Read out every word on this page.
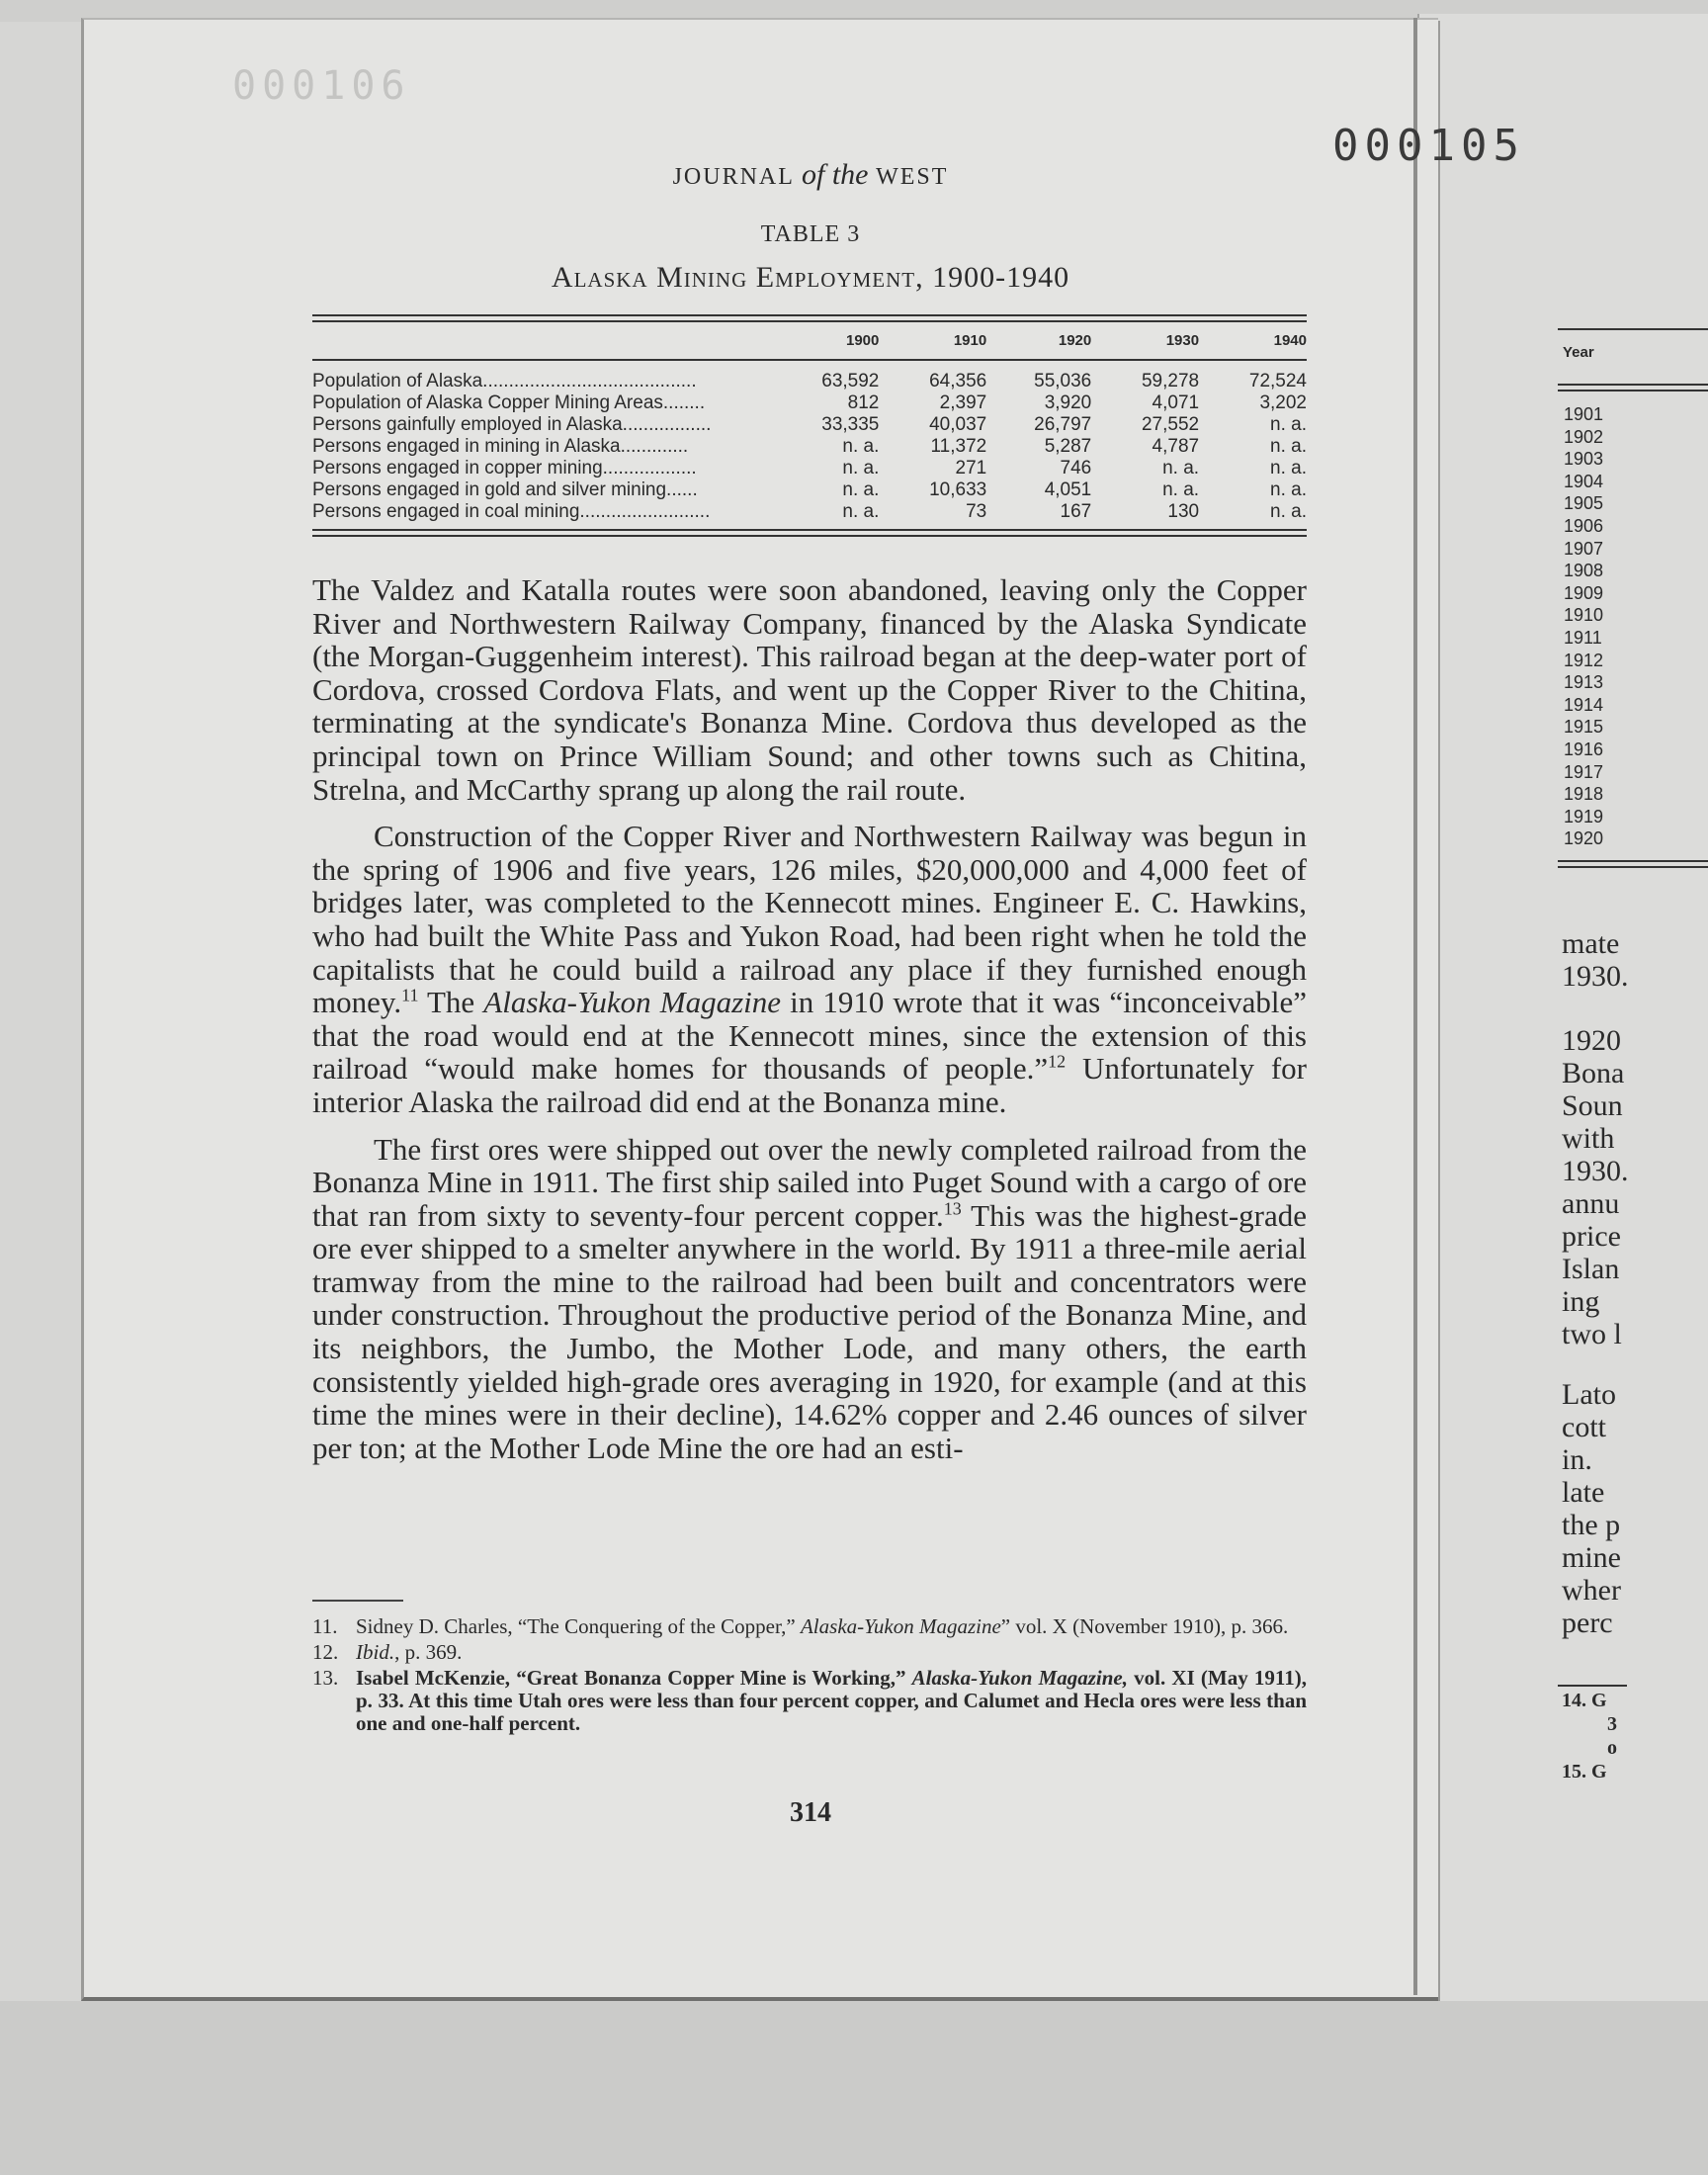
Year
1901
1902
1903
1904
1905
1906
1907
1908
1909
1910
1911
1912
1913
1914
1915
1916
1917
1918
1919
1920
mate
1930.
1920
Bona
Soun
with
1930.
annu
price
Islan
ing
two l
Lato
cott
in.
late
the p
mine
wher
perc
14. G
3
o
15. G
000106
000105
JOURNAL of the WEST
TABLE 3
Alaska Mining Employment, 1900-1940
	1900	1910	1920	1930	1940

Population of Alaska.........................................	63,592	64,356	55,036	59,278	72,524
Population of Alaska Copper Mining Areas........	812	2,397	3,920	4,071	3,202
Persons gainfully employed in Alaska.................	33,335	40,037	26,797	27,552	n. a.
Persons engaged in mining in Alaska.............	n. a.	11,372	5,287	4,787	n. a.
Persons engaged in copper mining..................	n. a.	271	746	n. a.	n. a.
Persons engaged in gold and silver mining......	n. a.	10,633	4,051	n. a.	n. a.
Persons engaged in coal mining.........................	n. a.	73	167	130	n. a.

The Valdez and Katalla routes were soon abandoned, leaving only the Copper River and Northwestern Railway Company, financed by the Alaska Syndicate (the Morgan-Guggenheim interest). This railroad began at the deep-water port of Cordova, crossed Cordova Flats, and went up the Copper River to the Chitina, terminating at the syndicate's Bonanza Mine. Cordova thus developed as the principal town on Prince William Sound; and other towns such as Chitina, Strelna, and McCarthy sprang up along the rail route.

Construction of the Copper River and Northwestern Railway was begun in the spring of 1906 and five years, 126 miles, $20,000,000 and 4,000 feet of bridges later, was completed to the Kennecott mines. Engineer E. C. Hawkins, who had built the White Pass and Yukon Road, had been right when he told the capitalists that he could build a railroad any place if they furnished enough money.$^{11}$ The Alaska-Yukon Magazine in 1910 wrote that it was “inconceivable” that the road would end at the Kennecott mines, since the extension of this railroad “would make homes for thousands of people.”$^{12}$ Unfortunately for interior Alaska the railroad did end at the Bonanza mine.

The first ores were shipped out over the newly completed railroad from the Bonanza Mine in 1911. The first ship sailed into Puget Sound with a cargo of ore that ran from sixty to seventy-four percent copper.$^{13}$ This was the highest-grade ore ever shipped to a smelter anywhere in the world. By 1911 a three-mile aerial tramway from the mine to the railroad had been built and concentrators were under construction. Throughout the productive period of the Bonanza Mine, and its neighbors, the Jumbo, the Mother Lode, and many others, the earth consistently yielded high-grade ores averaging in 1920, for example (and at this time the mines were in their decline), 14.62% copper and 2.46 ounces of silver per ton; at the Mother Lode Mine the ore had an esti-

11. Sidney D. Charles, “The Conquering of the Copper,” Alaska-Yukon Magazine” vol. X (November 1910), p. 366.
12. Ibid., p. 369.
13. Isabel McKenzie, “Great Bonanza Copper Mine is Working,” Alaska-Yukon Magazine, vol. XI (May 1911), p. 33. At this time Utah ores were less than four percent copper, and Calumet and Hecla ores were less than one and one-half percent.
314
